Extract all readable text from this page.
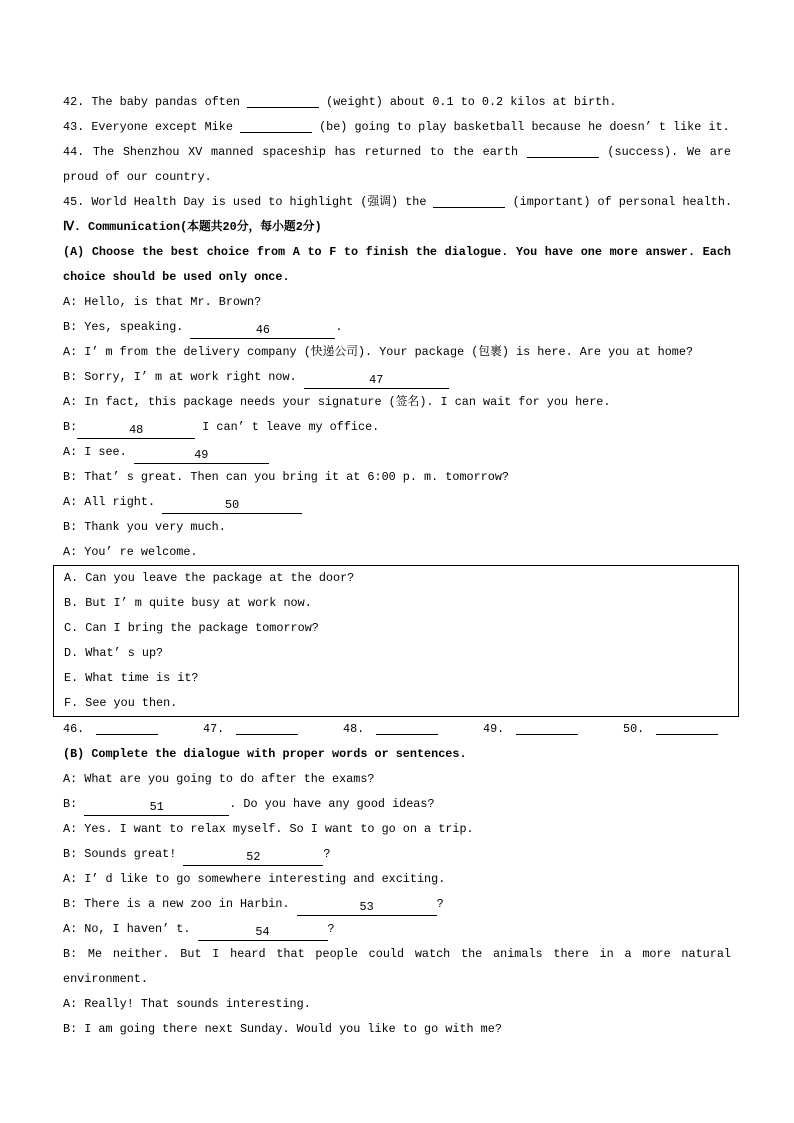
42. The baby pandas often	(weight) about 0.1 to 0.2 kilos at birth.
43. Everyone except Mike	(be) going to play basketball because he doesn’ t like it.
44. The Shenzhou XV manned spaceship has returned to the earth	(success). We are
proud of our country.
45. World Health Day is used to highlight (强调) the	(important) of personal health.
Ⅳ. Communication(本题共20分，每小题2分)
(A) Choose the best choice from A to F to finish the dialogue. You have one more answer. Each
choice should be used only once.
A: Hello, is that Mr. Brown?
B: Yes, speaking.	46	.
A: I’ m from the delivery company (快递公司). Your package (包裹) is here. Are you at home?
B: Sorry, I’ m at work right now.	47
A: In fact, this package needs your signature (签名). I can wait for you here.
B:	48	I can’ t leave my office.
A: I see.	49
B: That’ s great. Then can you bring it at 6:00 p. m. tomorrow?
A: All right.	50
B: Thank you very much.
A: You’ re welcome.
A. Can you leave the package at the door?
B. But I’ m quite busy at work now.
C. Can I bring the package tomorrow?
D. What’ s up?
E. What time is it?
F. See you then.
46.	47.	48.	49.	50.
(B) Complete the dialogue with proper words or sentences.
A: What are you going to do after the exams?
B:	51	. Do you have any good ideas?
A: Yes. I want to relax myself. So I want to go on a trip.
B: Sounds great!	52	?
A: I’ d like to go somewhere interesting and exciting.
B: There is a new zoo in Harbin.	53	?
A: No, I haven’ t.	54	?
B: Me neither. But I heard that people could watch the animals there in a more natural
environment.
A: Really! That sounds interesting.
B: I am going there next Sunday. Would you like to go with me?
